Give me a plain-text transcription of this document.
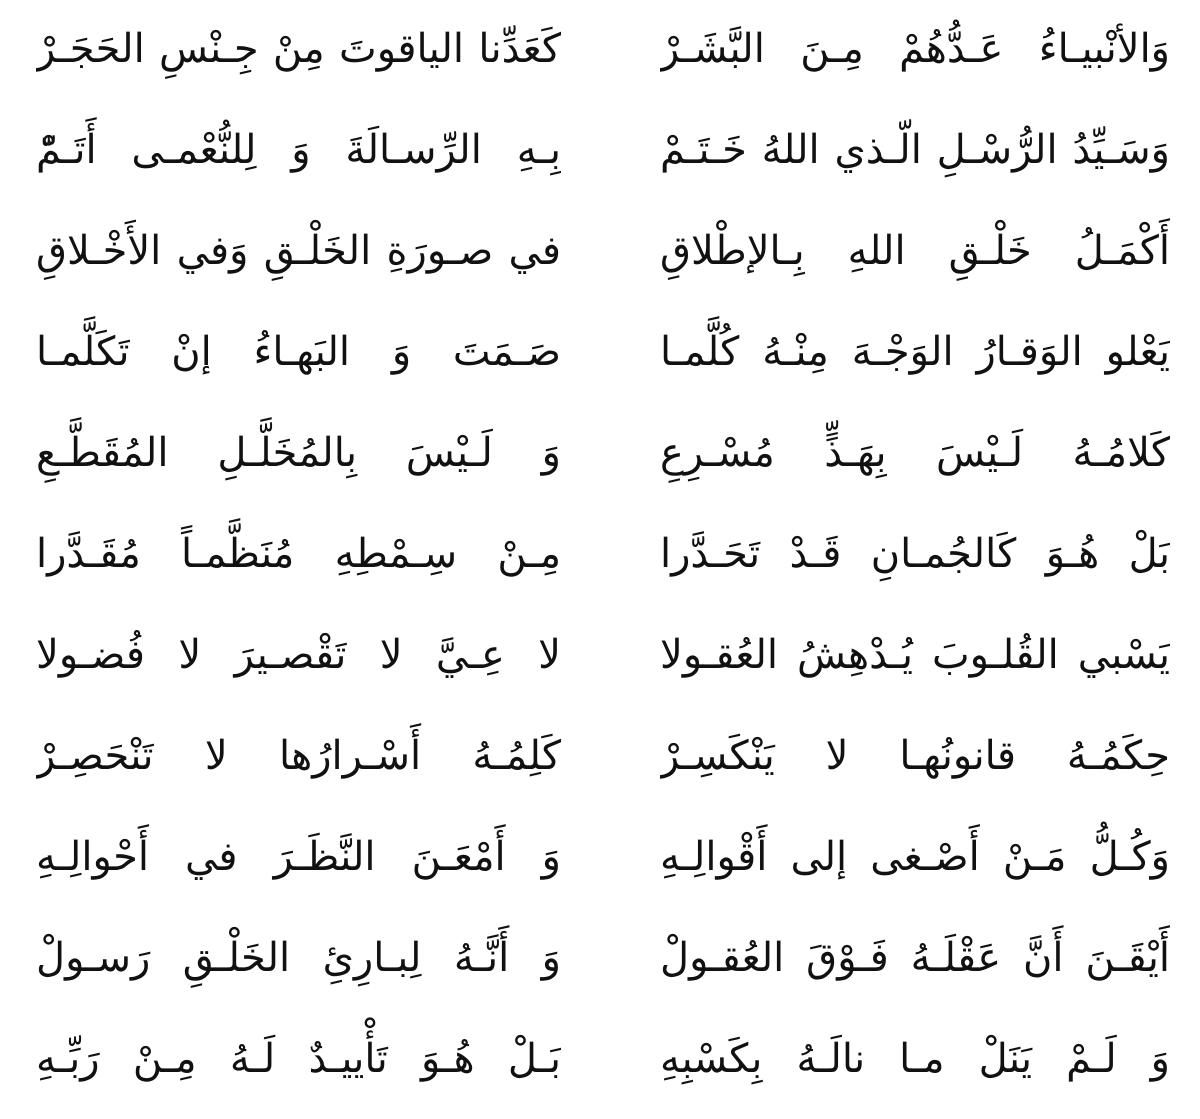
وَالأنْبيـاءُ عَـدُّهُمْ مِـنَ البَّشَـرْ
كَعَدِّنا الياقوتَ مِنْ جِـنْسِ الحَجَـرْ
وَسَـيِّدُ الرُّسْـلِ الّـذي اللهُ خَـتَـمْ
بِـهِ الرِّسـالَةَ وَ لِلنُّعْمـى أَتَـمّْ
أَكْمَـلُ خَلْـقِ اللهِ بِـالإطْلاقِ
في صـورَةِ الخَلْـقِ وَفي الأَخْـلاقِ
يَعْلو الوَقـارُ الوَجْـهَ مِنْـهُ كُلَّمـا
صَـمَتَ وَ البَهـاءُ إنْ تَكَلَّمـا
كَلامُـهُ لَـيْسَ بِهَـذٍّ مُسْـرِعِ
وَ لَـيْسَ بِالمُخَلَّـلِ المُقَطَّـعِ
بَلْ هُـوَ كَالجُمـانِ قَـدْ تَحَـدَّرا
مِـنْ سِـمْطِهِ مُنَظَّمـاً مُقَـدَّرا
يَسْبي القُلـوبَ يُـدْهِشُ العُقـولا
لا عِـيَّ لا تَقْصـيرَ لا فُضـولا
حِكَمُـهُ قانونُهـا لا يَنْكَسِـرْ
كَلِمُـهُ أَسْـرارُها لا تَنْحَصِـرْ
وَكُـلُّ مَـنْ أَصْـغى إلى أَقْوالِـهِ
وَ أَمْعَـنَ النَّظَـرَ في أَحْوالِـهِ
أَيْقَـنَ أَنَّ عَقْلَـهُ فَـوْقَ العُقـولْ
وَ أَنَّـهُ لِبـارِئِ الخَلْـقِ رَسـولْ
وَ لَـمْ يَنَلْ مـا نالَـهُ بِكَسْبِهِ
بَـلْ هُـوَ تَأْييـدٌ لَـهُ مِـنْ رَبِّـهِ
